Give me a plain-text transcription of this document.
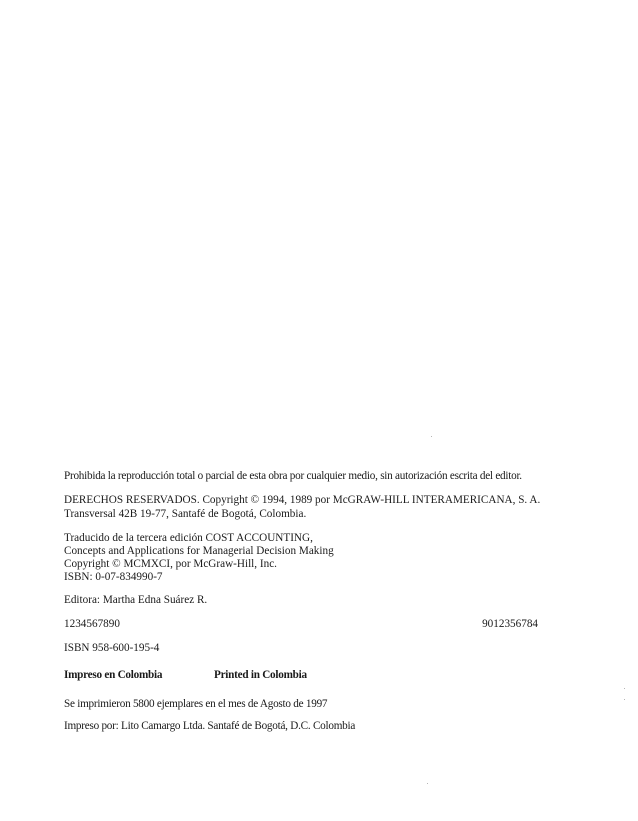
Prohibida la reproducción total o parcial de esta obra por cualquier medio, sin autorización escrita del editor.
DERECHOS RESERVADOS. Copyright © 1994, 1989 por McGRAW-HILL INTERAMERICANA, S. A.
Transversal 42B 19-77, Santafé de Bogotá, Colombia.
Traducido de la tercera edición COST ACCOUNTING,
Concepts and Applications for Managerial Decision Making
Copyright © MCMXCI, por McGraw-Hill, Inc.
ISBN: 0-07-834990-7
Editora: Martha Edna Suárez R.
1234567890	9012356784
ISBN 958-600-195-4
Impreso en Colombia	Printed in Colombia
Se imprimieron 5800 ejemplares en el mes de Agosto de 1997
Impreso por: Lito Camargo Ltda. Santafé de Bogotá, D.C. Colombia
